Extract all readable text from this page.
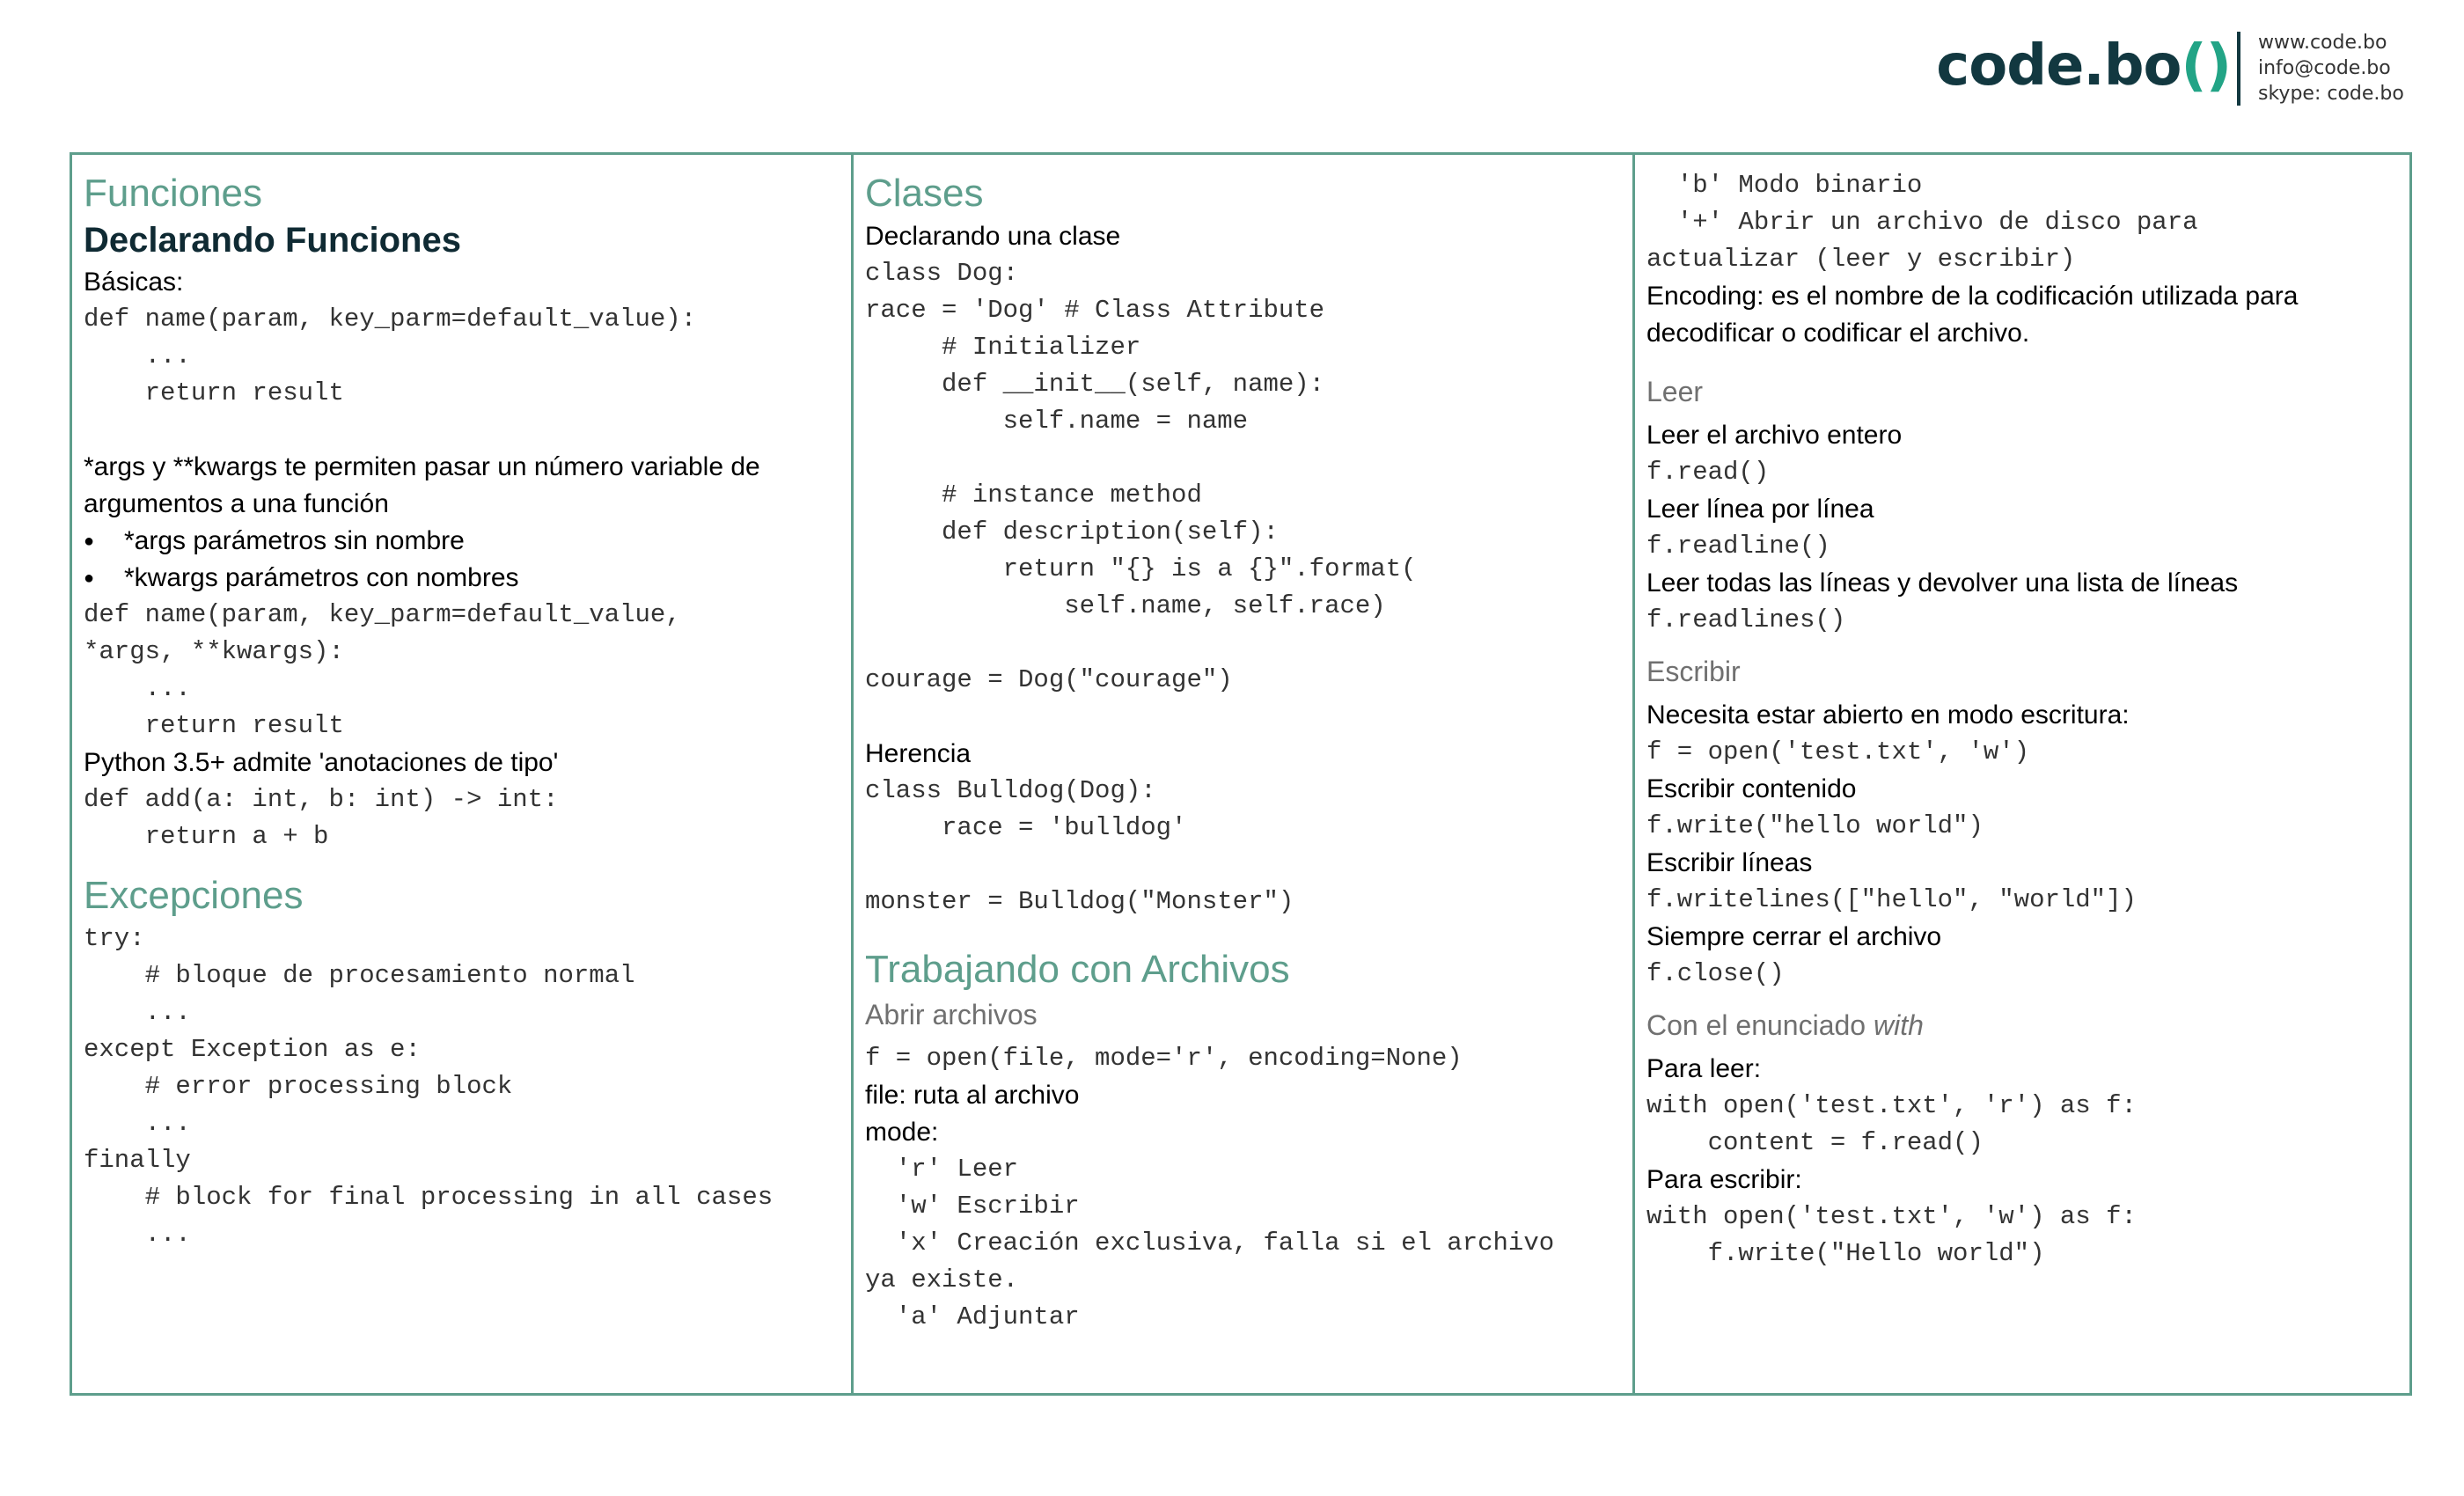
code.bo () www.code.bo
info@code.bo
skype: code.bo
Funciones
Declarando Funciones
Básicas:
def name(param, key_parm=default_value):
...
return result
*args y **kwargs te permiten pasar un número variable de argumentos a una función
● *args parámetros sin nombre
● *kwargs parámetros con nombres
def name(param, key_parm=default_value,
*args, **kwargs):
...
return result
Python 3.5+ admite 'anotaciones de tipo'
def add(a: int, b: int) -> int:
return a + b
Excepciones
try:
# bloque de procesamiento normal
...
except Exception as e:
# error processing block
...
finally
# block for final processing in all cases
...
Clases
Declarando una clase
class Dog:
race = 'Dog' # Class Attribute
# Initializer
def __init__(self, name):
self.name = name

# instance method
def description(self):
return "{} is a {}".format(
self.name, self.race)

courage = Dog("courage")
Herencia
class Bulldog(Dog):
race = 'bulldog'

monster = Bulldog("Monster")
Trabajando con Archivos
Abrir archivos
f = open(file, mode='r', encoding=None)
file: ruta al archivo
mode:
'r' Leer
'w' Escribir
'x' Creación exclusiva, falla si el archivo
ya existe.
'a' Adjuntar
'b' Modo binario
'+' Abrir un archivo de disco para
actualizar (leer y escribir)
Encoding: es el nombre de la codificación utilizada para decodificar o codificar el archivo.
Leer
Leer el archivo entero
f.read()
Leer línea por línea
f.readline()
Leer todas las líneas y devolver una lista de líneas
f.readlines()
Escribir
Necesita estar abierto en modo escritura:
f = open('test.txt', 'w')
Escribir contenido
f.write("hello world")
Escribir líneas
f.writelines(["hello", "world"])
Siempre cerrar el archivo
f.close()
Con el enunciado with
Para leer:
with open('test.txt', 'r') as f:
content = f.read()
Para escribir:
with open('test.txt', 'w') as f:
f.write("Hello world")
